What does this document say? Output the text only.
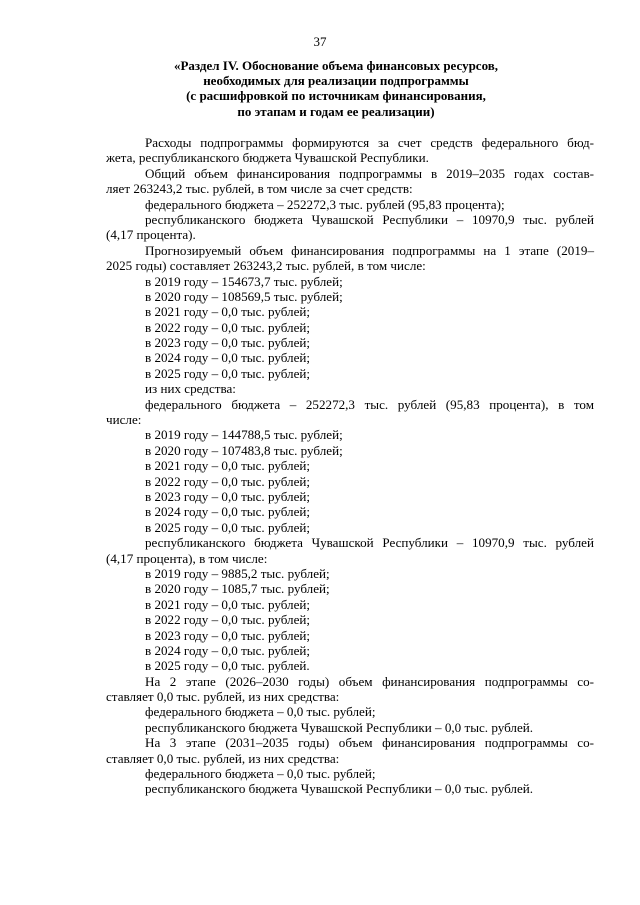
37
«Раздел IV. Обоснование объема финансовых ресурсов,
необходимых для реализации подпрограммы
(с расшифровкой по источникам финансирования,
по этапам и годам ее реализации)
Расходы подпрограммы формируются за счет средств федерального бюд-
жета, республиканского бюджета Чувашской Республики.
Общий объем финансирования подпрограммы в 2019–2035 годах состав-
ляет 263243,2 тыс. рублей, в том числе за счет средств:
федерального бюджета – 252272,3 тыс. рублей (95,83 процента);
республиканского бюджета Чувашской Республики – 10970,9 тыс. рублей
(4,17 процента).
Прогнозируемый объем финансирования подпрограммы на 1 этапе (2019–
2025 годы) составляет 263243,2 тыс. рублей, в том числе:
в 2019 году – 154673,7 тыс. рублей;
в 2020 году – 108569,5 тыс. рублей;
в 2021 году – 0,0 тыс. рублей;
в 2022 году – 0,0 тыс. рублей;
в 2023 году – 0,0 тыс. рублей;
в 2024 году – 0,0 тыс. рублей;
в 2025 году – 0,0 тыс. рублей;
из них средства:
федерального бюджета – 252272,3 тыс. рублей (95,83 процента), в том
числе:
в 2019 году – 144788,5 тыс. рублей;
в 2020 году – 107483,8 тыс. рублей;
в 2021 году – 0,0 тыс. рублей;
в 2022 году – 0,0 тыс. рублей;
в 2023 году – 0,0 тыс. рублей;
в 2024 году – 0,0 тыс. рублей;
в 2025 году – 0,0 тыс. рублей;
республиканского бюджета Чувашской Республики – 10970,9 тыс. рублей
(4,17 процента), в том числе:
в 2019 году – 9885,2 тыс. рублей;
в 2020 году – 1085,7 тыс. рублей;
в 2021 году – 0,0 тыс. рублей;
в 2022 году – 0,0 тыс. рублей;
в 2023 году – 0,0 тыс. рублей;
в 2024 году – 0,0 тыс. рублей;
в 2025 году – 0,0 тыс. рублей.
На 2 этапе (2026–2030 годы) объем финансирования подпрограммы со-
ставляет 0,0 тыс. рублей, из них средства:
федерального бюджета – 0,0 тыс. рублей;
республиканского бюджета Чувашской Республики – 0,0 тыс. рублей.
На 3 этапе (2031–2035 годы) объем финансирования подпрограммы со-
ставляет 0,0 тыс. рублей, из них средства:
федерального бюджета – 0,0 тыс. рублей;
республиканского бюджета Чувашской Республики – 0,0 тыс. рублей.
